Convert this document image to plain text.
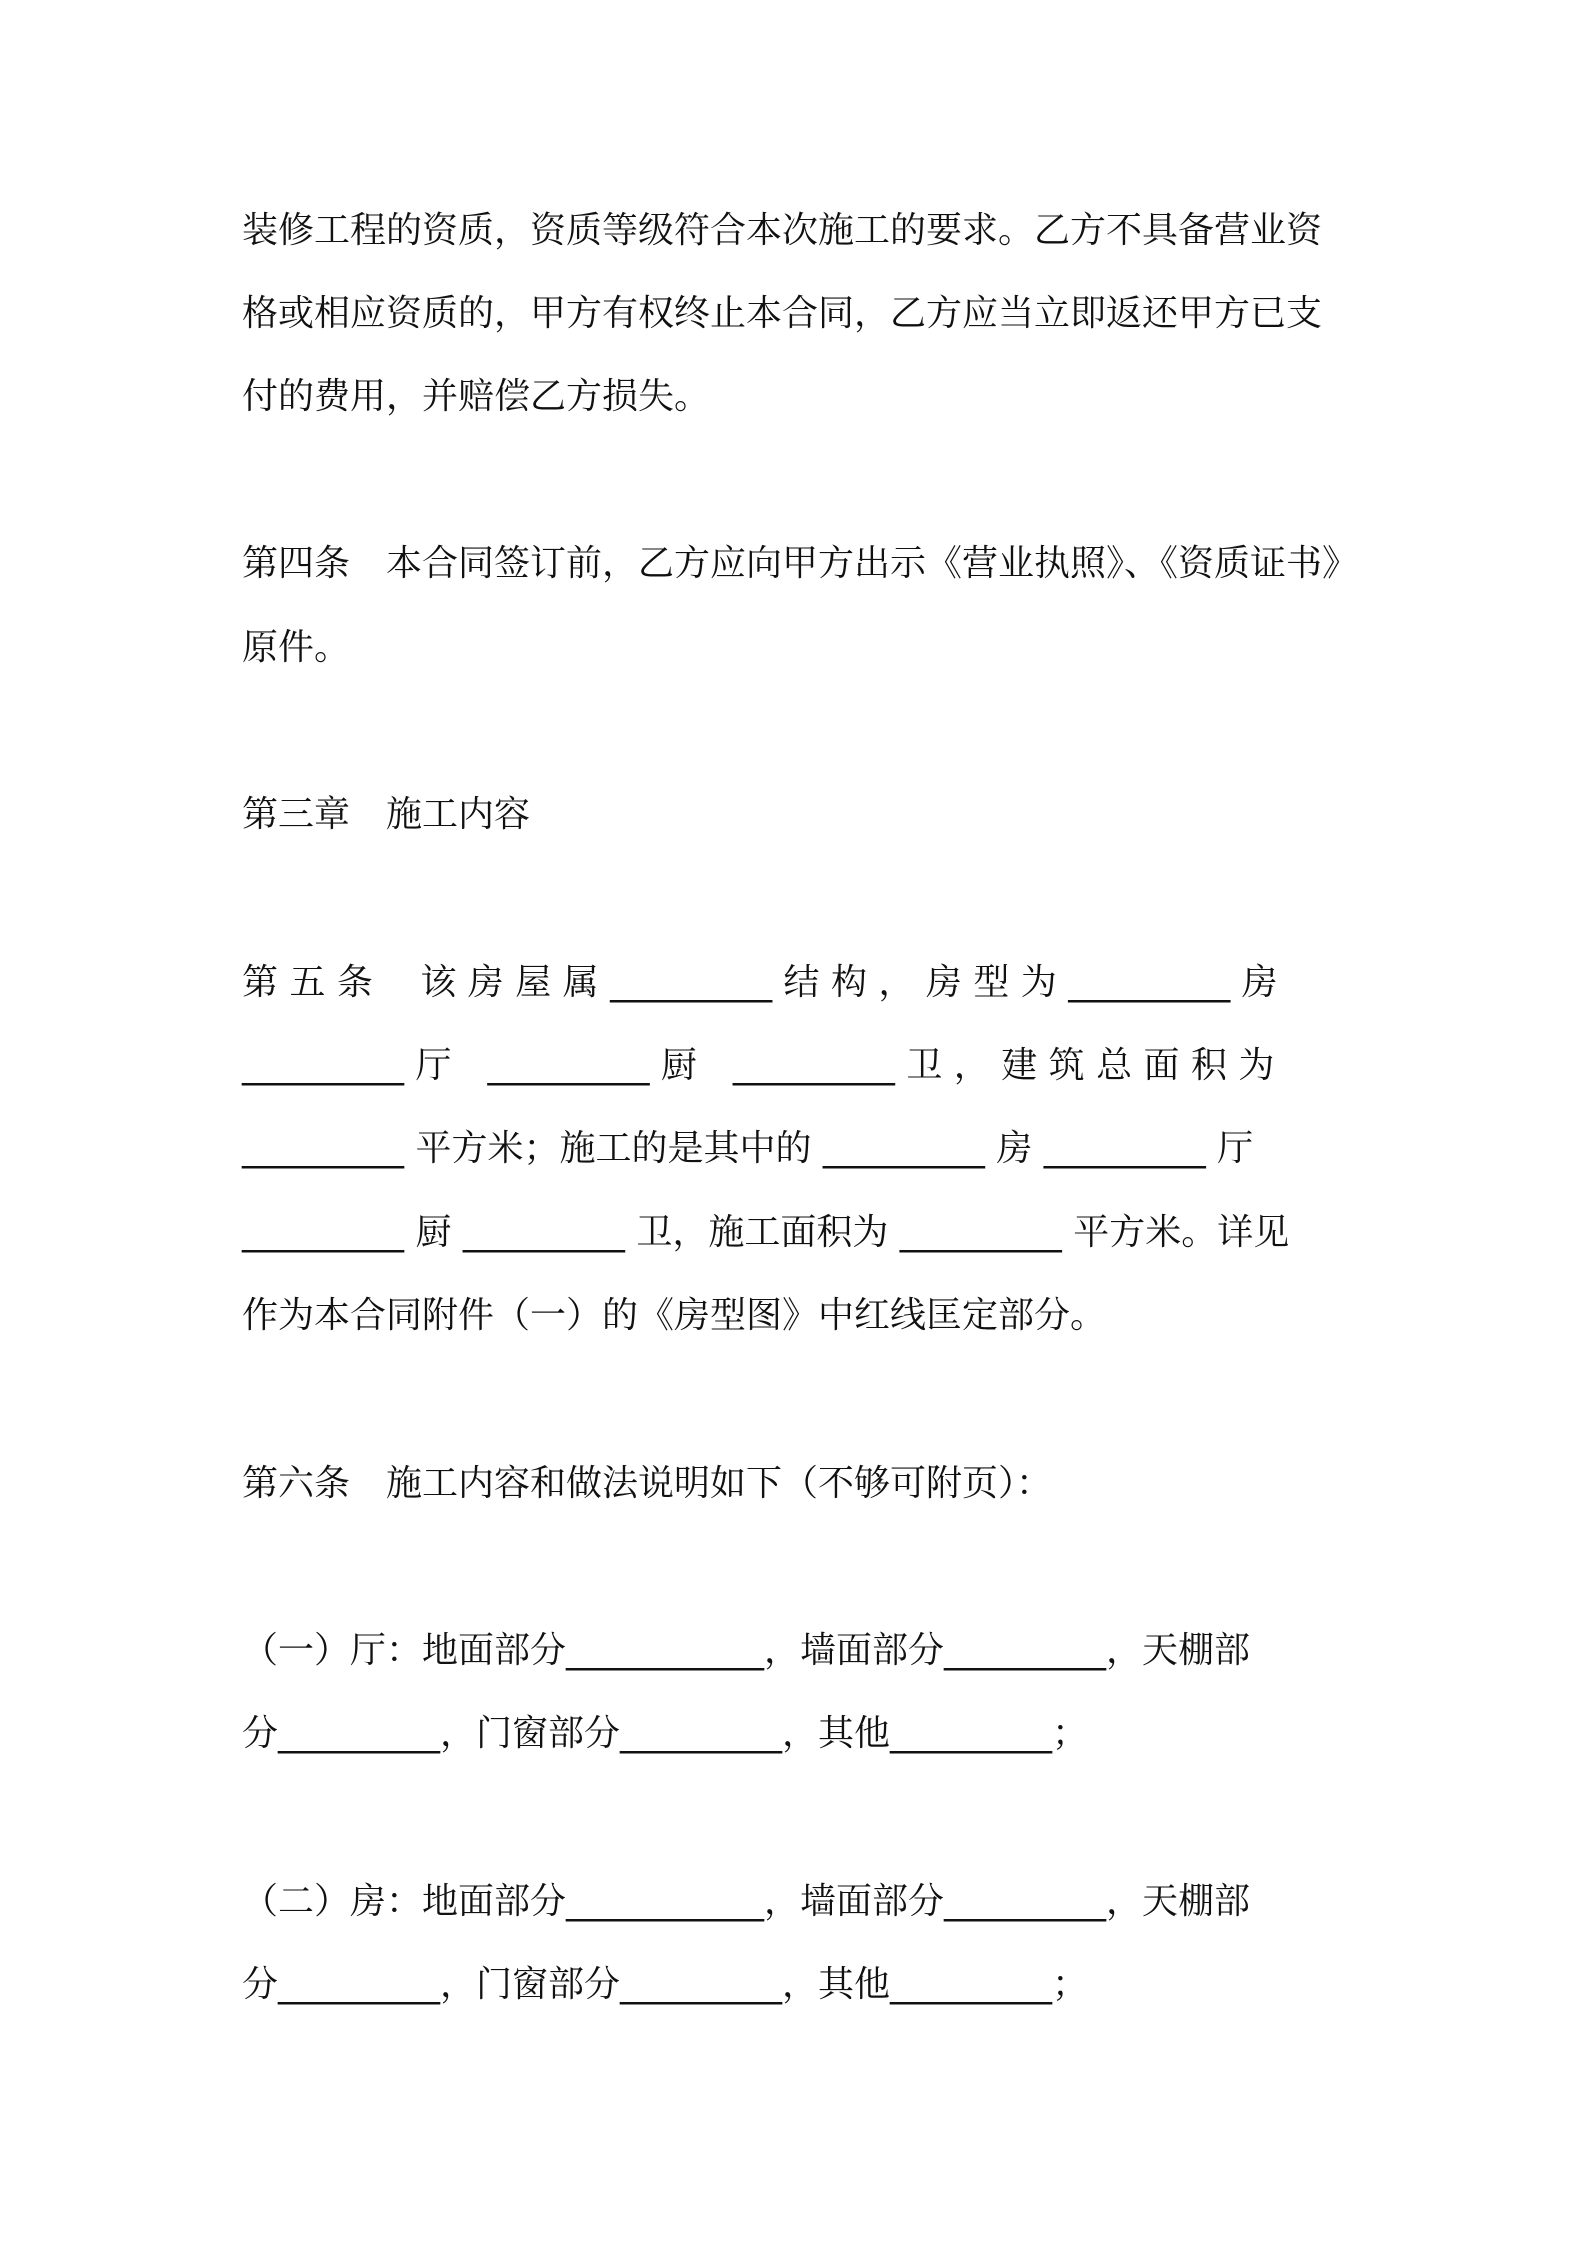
装修工程的资质，资质等级符合本次施工的要求。乙方不具备营业资
格或相应资质的，甲方有权终止本合同，乙方应当立即返还甲方已支
付的费用，并赔偿乙方损失。
第四条　本合同签订前，乙方应向甲方出示《营业执照》、《资质证书》
原件。
第三章　施工内容
第 五 条　 该 房 屋 属 _________ 结 构 ， 房 型 为 _________ 房
_________ 厅　_________ 厨　_________ 卫 ， 建 筑 总 面 积 为
_________ 平方米；施工的是其中的 _________ 房 _________ 厅
_________ 厨 _________ 卫，施工面积为 _________ 平方米。详见
作为本合同附件（一）的《房型图》中红线匡定部分。
第六条　施工内容和做法说明如下（不够可附页）：
（一）厅：地面部分___________，墙面部分_________，天棚部
分_________，门窗部分_________，其他_________；
（二）房：地面部分___________，墙面部分_________，天棚部
分_________，门窗部分_________，其他_________；
